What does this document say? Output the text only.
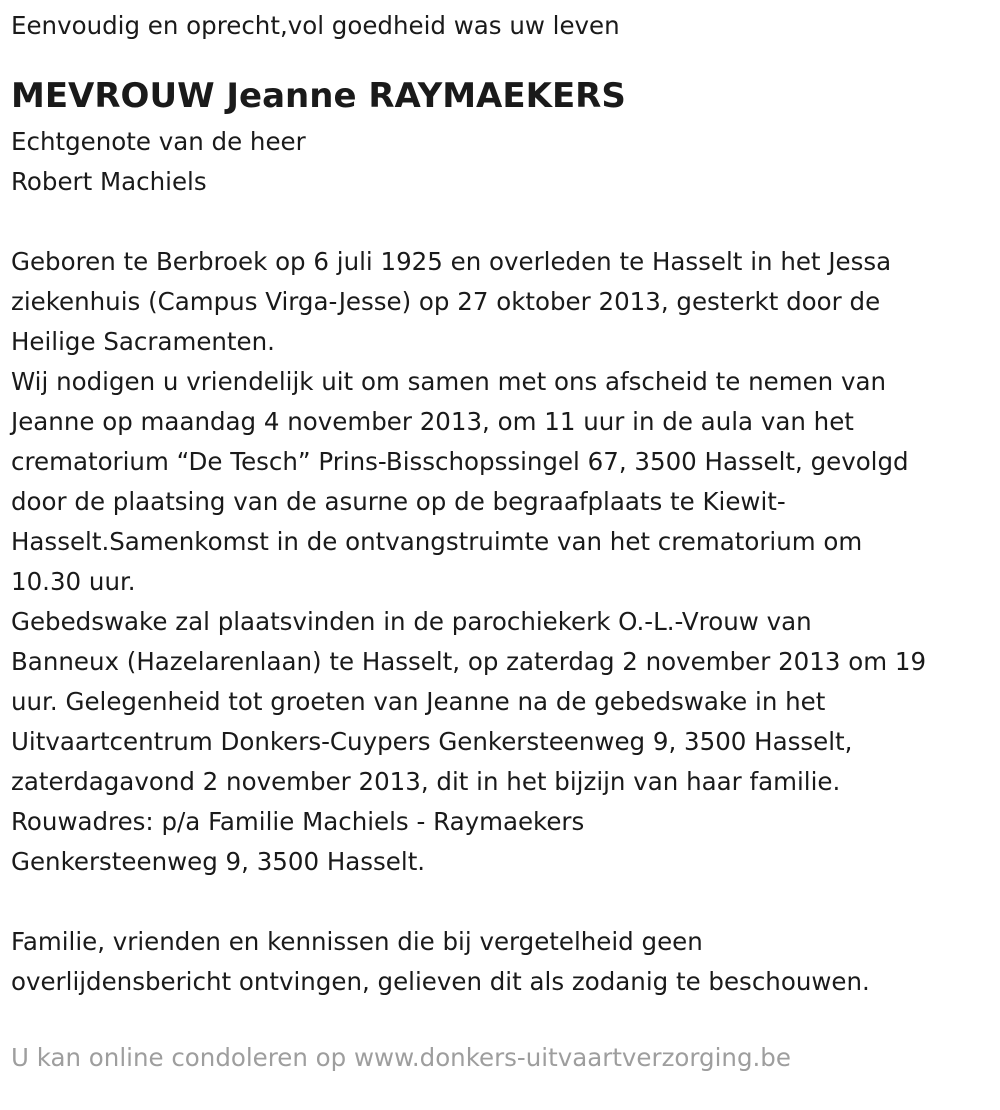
Eenvoudig en oprecht,vol goedheid was uw leven

MEVROUW Jeanne RAYMAEKERS

Echtgenote van de heer

Robert Machiels

Geboren te Berbroek op 6 juli 1925 en overleden te Hasselt in het Jessa

ziekenhuis (Campus Virga-Jesse) op 27 oktober 2013, gesterkt door de

Heilige Sacramenten.

Wij nodigen u vriendelijk uit om samen met ons afscheid te nemen van

Jeanne op maandag 4 november 2013, om 11 uur in de aula van het

crematorium “De Tesch” Prins-Bisschopssingel 67, 3500 Hasselt, gevolgd

door de plaatsing van de asurne op de begraafplaats te Kiewit-

Hasselt.Samenkomst in de ontvangstruimte van het crematorium om

10.30 uur.

Gebedswake zal plaatsvinden in de parochiekerk O.-L.-Vrouw van

Banneux (Hazelarenlaan) te Hasselt, op zaterdag 2 november 2013 om 19

uur. Gelegenheid tot groeten van Jeanne na de gebedswake in het

Uitvaartcentrum Donkers-Cuypers Genkersteenweg 9, 3500 Hasselt,

zaterdagavond 2 november 2013, dit in het bijzijn van haar familie.

Rouwadres: p/a Familie Machiels - Raymaekers

Genkersteenweg 9, 3500 Hasselt.

Familie, vrienden en kennissen die bij vergetelheid geen

overlijdensbericht ontvingen, gelieven dit als zodanig te beschouwen.

U kan online condoleren op www.donkers-uitvaartverzorging.be
